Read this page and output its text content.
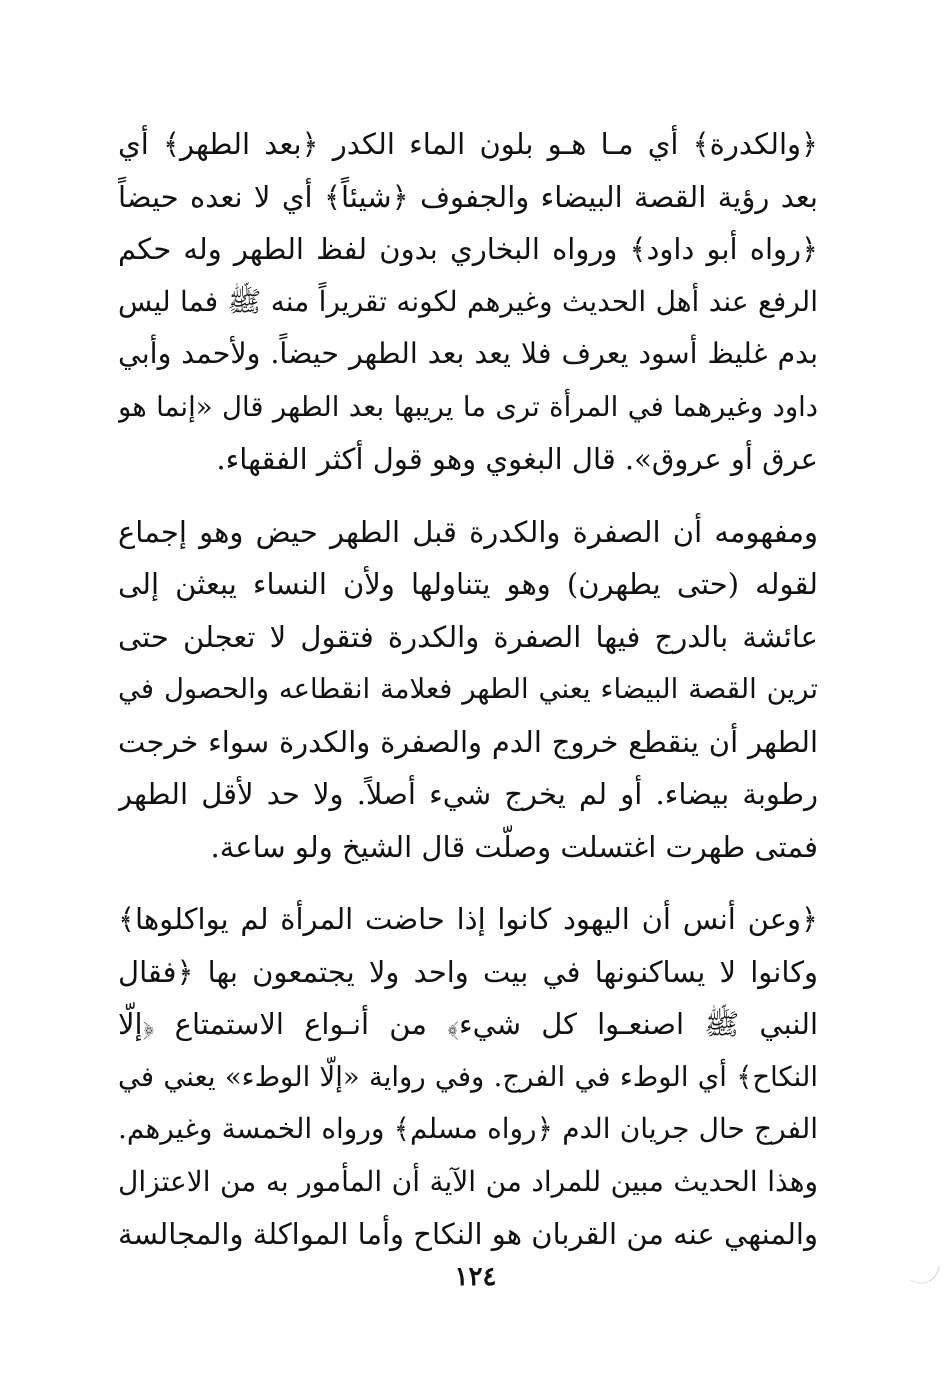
﴿والكدرة﴾ أي مـا هـو بلون الماء الكدر ﴿بعد الطهر﴾ أي
بعد رؤية القصة البيضاء والجفوف ﴿شيئاً﴾ أي لا نعده حيضاً
﴿رواه أبو داود﴾ ورواه البخاري بدون لفظ الطهر وله حكم
الرفع عند أهل الحديث وغيرهم لكونه تقريراً منه ﷺ فما ليس
بدم غليظ أسود يعرف فلا يعد بعد الطهر حيضاً. ولأحمد وأبي
داود وغيرهما في المرأة ترى ما يريبها بعد الطهر قال «إنما هو
عرق أو عروق». قال البغوي وهو قول أكثر الفقهاء.
ومفهومه أن الصفرة والكدرة قبل الطهر حيض وهو إجماع
لقوله (حتى يطهرن) وهو يتناولها ولأن النساء يبعثن إلى
عائشة بالدرج فيها الصفرة والكدرة فتقول لا تعجلن حتى
ترين القصة البيضاء يعني الطهر فعلامة انقطاعه والحصول في
الطهر أن ينقطع خروج الدم والصفرة والكدرة سواء خرجت
رطوبة بيضاء. أو لم يخرج شيء أصلاً. ولا حد لأقل الطهر
فمتى طهرت اغتسلت وصلّت قال الشيخ ولو ساعة.
﴿وعن أنس أن اليهود كانوا إذا حاضت المرأة لم يواكلوها﴾
وكانوا لا يساكنونها في بيت واحد ولا يجتمعون بها ﴿فقال
النبي ﷺ اصنعـوا كل شيء﴾ من أنـواع الاستمتاع ﴿إلّا
النكاح﴾ أي الوطء في الفرج. وفي رواية «إلّا الوطء» يعني في
الفرج حال جريان الدم ﴿رواه مسلم﴾ ورواه الخمسة وغيرهم.
وهذا الحديث مبين للمراد من الآية أن المأمور به من الاعتزال
والمنهي عنه من القربان هو النكاح وأما المواكلة والمجالسة
١٢٤
